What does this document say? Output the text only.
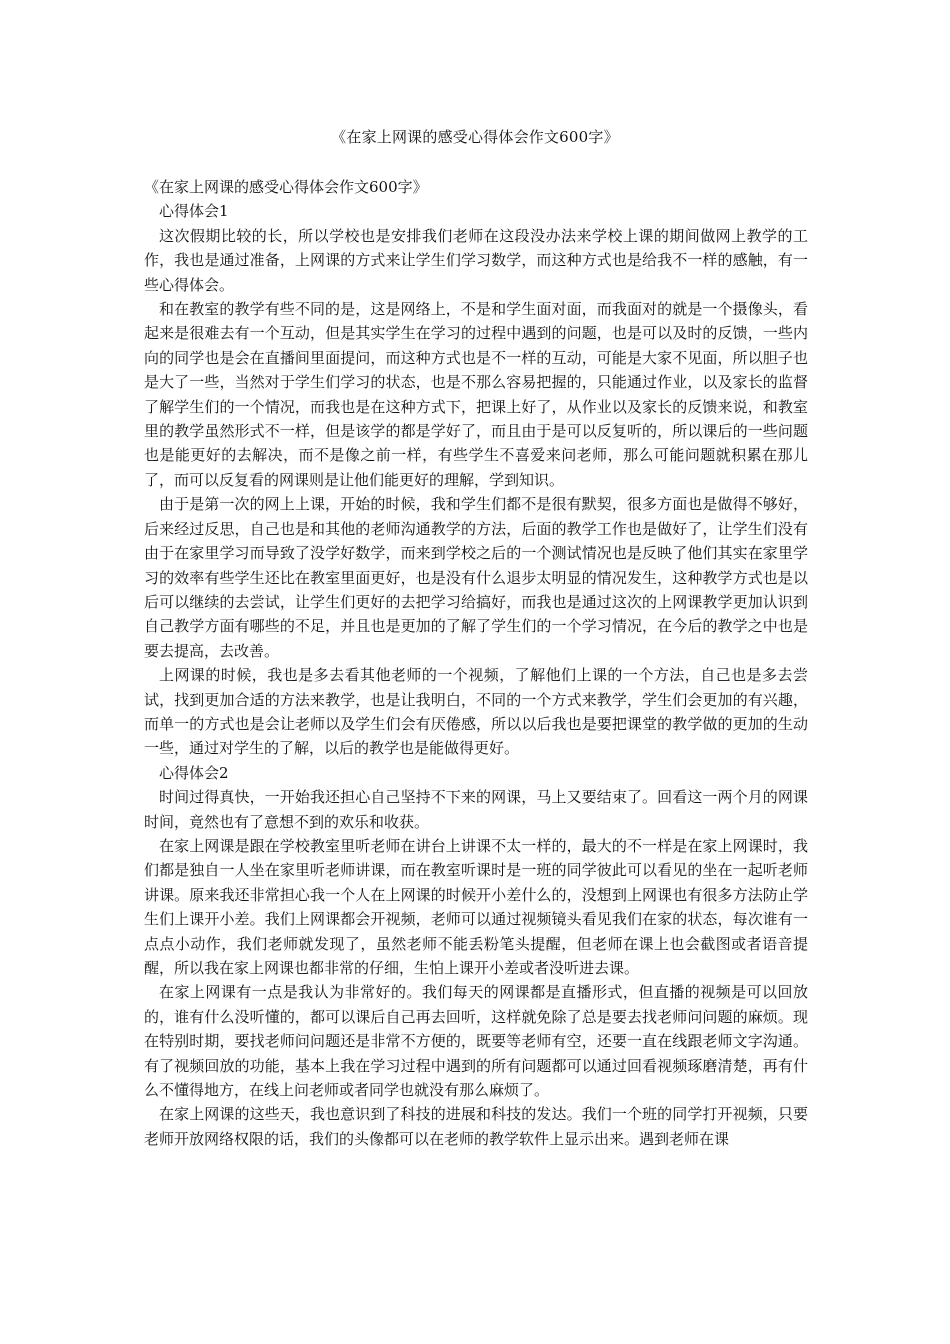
《在家上网课的感受心得体会作文600字》

《在家上网课的感受心得体会作文600字》

心得体会1

这次假期比较的长，所以学校也是安排我们老师在这段没办法来学校上课的期间做网上教学的工作，我也是通过准备，上网课的方式来让学生们学习数学，而这种方式也是给我不一样的感触，有一些心得体会。

和在教室的教学有些不同的是，这是网络上，不是和学生面对面，而我面对的就是一个摄像头，看起来是很难去有一个互动，但是其实学生在学习的过程中遇到的问题，也是可以及时的反馈，一些内向的同学也是会在直播间里面提问，而这种方式也是不一样的互动，可能是大家不见面，所以胆子也是大了一些，当然对于学生们学习的状态，也是不那么容易把握的，只能通过作业，以及家长的监督了解学生们的一个情况，而我也是在这种方式下，把课上好了，从作业以及家长的反馈来说，和教室里的教学虽然形式不一样，但是该学的都是学好了，而且由于是可以反复听的，所以课后的一些问题也是能更好的去解决，而不是像之前一样，有些学生不喜爱来问老师，那么可能问题就积累在那儿了，而可以反复看的网课则是让他们能更好的理解，学到知识。

由于是第一次的网上上课，开始的时候，我和学生们都不是很有默契，很多方面也是做得不够好，后来经过反思，自己也是和其他的老师沟通教学的方法，后面的教学工作也是做好了，让学生们没有由于在家里学习而导致了没学好数学，而来到学校之后的一个测试情况也是反映了他们其实在家里学习的效率有些学生还比在教室里面更好，也是没有什么退步太明显的情况发生，这种教学方式也是以后可以继续的去尝试，让学生们更好的去把学习给搞好，而我也是通过这次的上网课教学更加认识到自己教学方面有哪些的不足，并且也是更加的了解了学生们的一个学习情况，在今后的教学之中也是要去提高，去改善。

上网课的时候，我也是多去看其他老师的一个视频，了解他们上课的一个方法，自己也是多去尝试，找到更加合适的方法来教学，也是让我明白，不同的一个方式来教学，学生们会更加的有兴趣，而单一的方式也是会让老师以及学生们会有厌倦感，所以以后我也是要把课堂的教学做的更加的生动一些，通过对学生的了解，以后的教学也是能做得更好。

心得体会2

时间过得真快，一开始我还担心自己坚持不下来的网课，马上又要结束了。回看这一两个月的网课时间，竟然也有了意想不到的欢乐和收获。

在家上网课是跟在学校教室里听老师在讲台上讲课不太一样的，最大的不一样是在家上网课时，我们都是独自一人坐在家里听老师讲课，而在教室听课时是一班的同学彼此可以看见的坐在一起听老师讲课。原来我还非常担心我一个人在上网课的时候开小差什么的，没想到上网课也有很多方法防止学生们上课开小差。我们上网课都会开视频，老师可以通过视频镜头看见我们在家的状态，每次谁有一点点小动作，我们老师就发现了，虽然老师不能丢粉笔头提醒，但老师在课上也会截图或者语音提醒，所以我在家上网课也都非常的仔细，生怕上课开小差或者没听进去课。

在家上网课有一点是我认为非常好的。我们每天的网课都是直播形式，但直播的视频是可以回放的，谁有什么没听懂的，都可以课后自己再去回听，这样就免除了总是要去找老师问问题的麻烦。现在特别时期，要找老师问问题还是非常不方便的，既要等老师有空，还要一直在线跟老师文字沟通。有了视频回放的功能，基本上我在学习过程中遇到的所有问题都可以通过回看视频琢磨清楚，再有什么不懂得地方，在线上问老师或者同学也就没有那么麻烦了。

在家上网课的这些天，我也意识到了科技的进展和科技的发达。我们一个班的同学打开视频，只要老师开放网络权限的话，我们的头像都可以在老师的教学软件上显示出来。遇到老师在课
